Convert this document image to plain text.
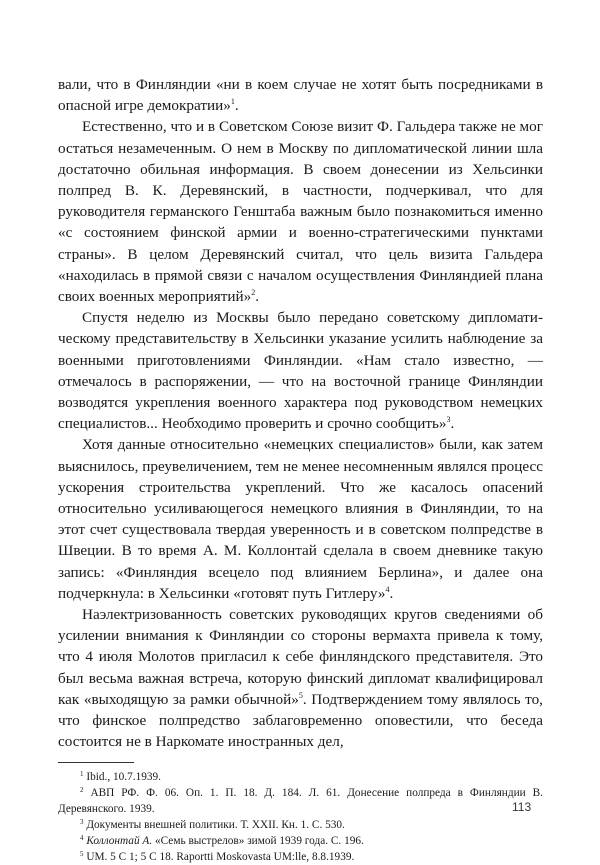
вали, что в Финляндии «ни в коем случае не хотят быть посредниками в опасной игре демократии»$^1$.

Естественно, что и в Советском Союзе визит Ф. Гальдера также не мог остаться незамеченным. О нем в Москву по дипломатической линии шла достаточно обильная информация. В своем донесении из Хельсинки полпред В. К. Деревянский, в частности, подчеркивал, что для руководителя германского Генштаба важным было познакомиться именно «с состоянием финской армии и военно-стратегическими пунктами страны». В целом Деревянский считал, что цель визита Гальдера «находилась в прямой связи с началом осуществления Финляндией плана своих военных мероприятий»$^2$.

Спустя неделю из Москвы было передано советскому дипломатическому представительству в Хельсинки указание усилить наблюдение за военными приготовлениями Финляндии. «Нам стало известно, — отмечалось в распоряжении, — что на восточной границе Финляндии возводятся укрепления военного характера под руководством немецких специалистов... Необходимо проверить и срочно сообщить»$^3$.

Хотя данные относительно «немецких специалистов» были, как затем выяснилось, преувеличением, тем не менее несомненным являлся процесс ускорения строительства укреплений. Что же касалось опасений относительно усиливающегося немецкого влияния в Финляндии, то на этот счет существовала твердая уверенность и в советском полпредстве в Швеции. В то время А. М. Коллонтай сделала в своем дневнике такую запись: «Финляндия всецело под влиянием Берлина», и далее она подчеркнула: в Хельсинки «готовят путь Гитлеру»$^4$.

Наэлектризованность советских руководящих кругов сведениями об усилении внимания к Финляндии со стороны вермахта привела к тому, что 4 июля Молотов пригласил к себе финляндского представителя. Это был весьма важная встреча, которую финский дипломат квалифицировал как «выходящую за рамки обычной»$^5$. Подтверждением тому являлось то, что финское полпредство заблаговременно оповестили, что беседа состоится не в Наркомате иностранных дел,

$^1$ Ibid., 10.7.1939.

$^2$ АВП РФ. Ф. 06. Оп. 1. П. 18. Д. 184. Л. 61. Донесение полпреда в Финляндии В. Деревянского. 1939.

$^3$ Документы внешней политики. Т. XXII. Кн. 1. С. 530.

$^4$ Коллонтай А. «Семь выстрелов» зимой 1939 года. С. 196.

$^5$ UM. 5 C 1; 5 C 18. Raportti Moskovasta UM:lle, 8.8.1939.

113
